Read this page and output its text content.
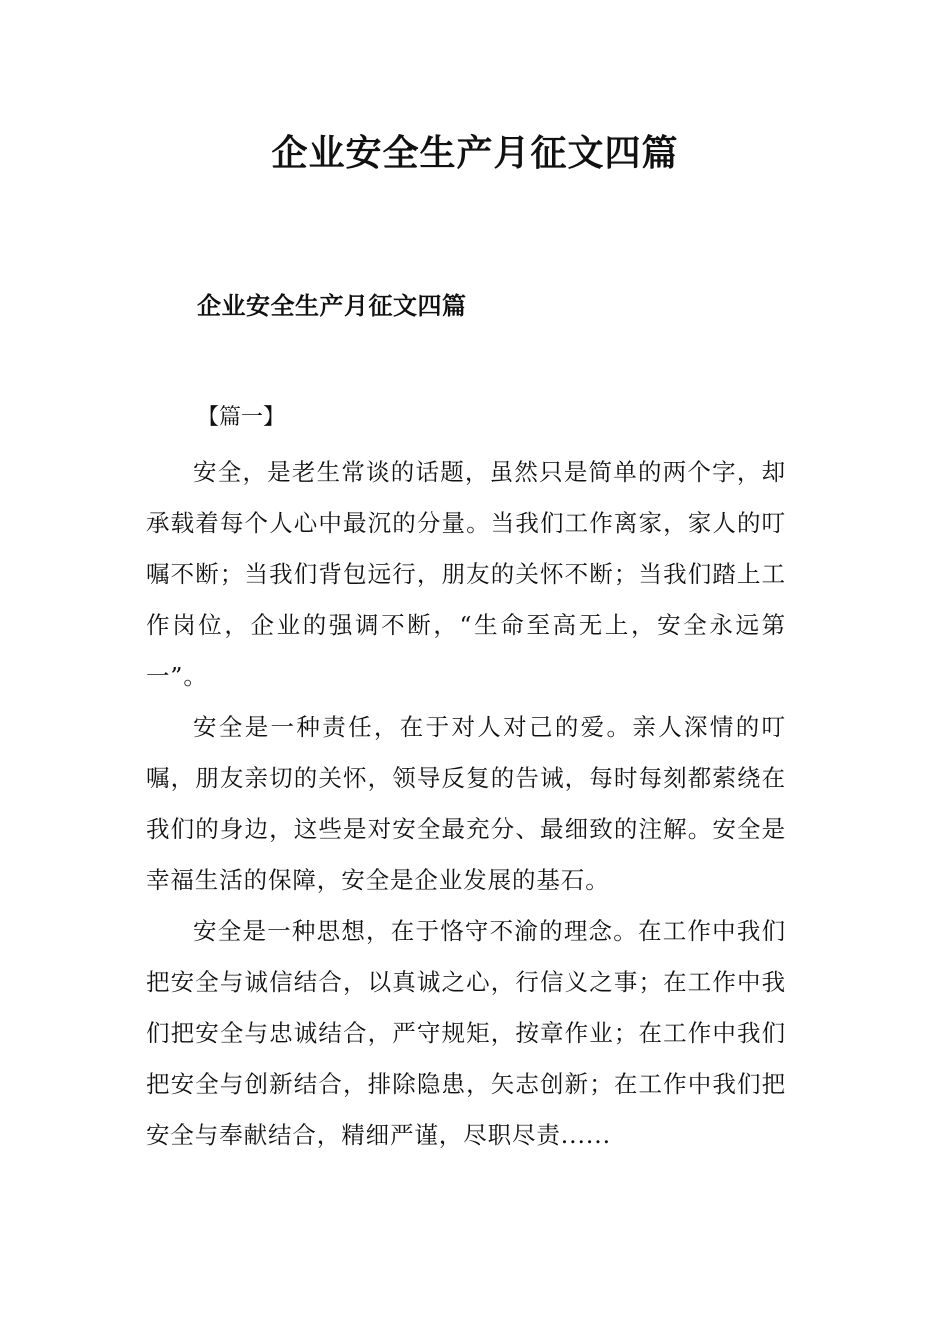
企业安全生产月征文四篇
企业安全生产月征文四篇
【篇一】

安全，是老生常谈的话题，虽然只是简单的两个字，却承载着每个人心中最沉的分量。当我们工作离家，家人的叮嘱不断；当我们背包远行，朋友的关怀不断；当我们踏上工作岗位，企业的强调不断，“生命至高无上，安全永远第一”。

安全是一种责任，在于对人对己的爱。亲人深情的叮嘱，朋友亲切的关怀，领导反复的告诫，每时每刻都萦绕在我们的身边，这些是对安全最充分、最细致的注解。安全是幸福生活的保障，安全是企业发展的基石。

安全是一种思想，在于恪守不渝的理念。在工作中我们把安全与诚信结合，以真诚之心，行信义之事；在工作中我们把安全与忠诚结合，严守规矩，按章作业；在工作中我们把安全与创新结合，排除隐患，矢志创新；在工作中我们把安全与奉献结合，精细严谨，尽职尽责......
